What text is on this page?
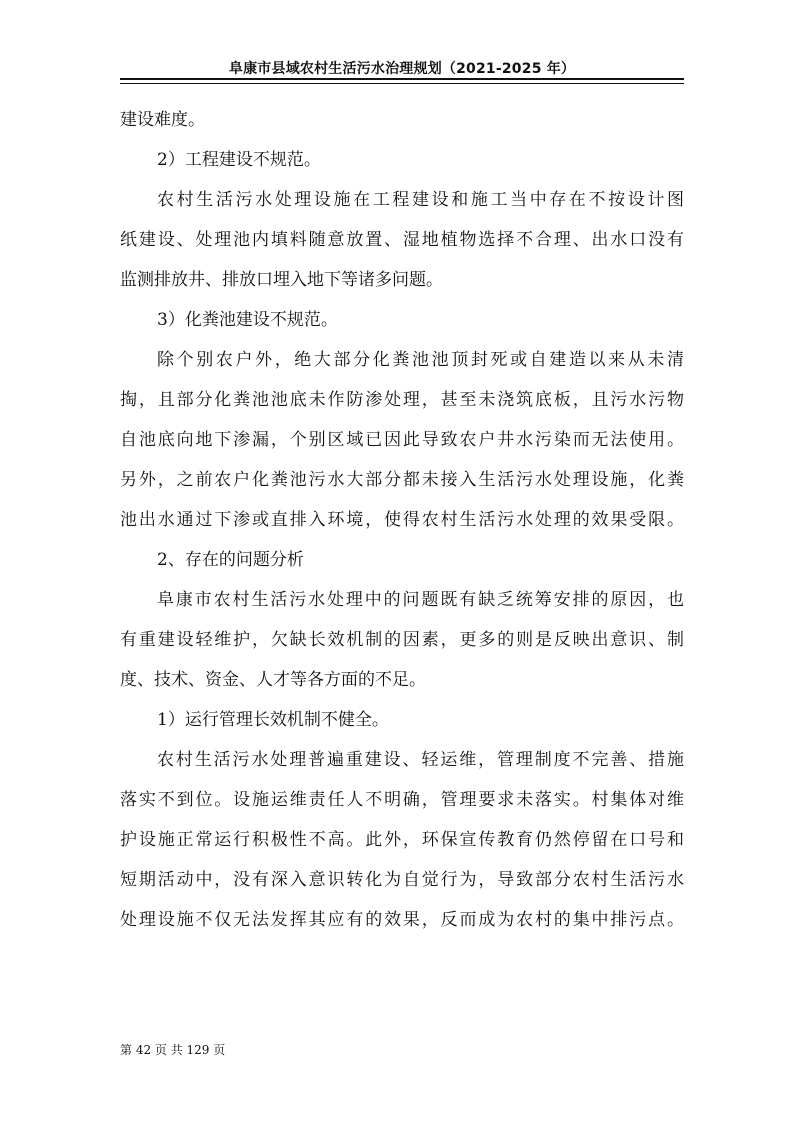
阜康市县域农村生活污水治理规划（2021-2025 年）
建设难度。
2）工程建设不规范。
农村生活污水处理设施在工程建设和施工当中存在不按设计图
纸建设、处理池内填料随意放置、湿地植物选择不合理、出水口没有
监测排放井、排放口埋入地下等诸多问题。
3）化粪池建设不规范。
除个别农户外，绝大部分化粪池池顶封死或自建造以来从未清
掏，且部分化粪池池底未作防渗处理，甚至未浇筑底板，且污水污物
自池底向地下渗漏，个别区域已因此导致农户井水污染而无法使用。
另外，之前农户化粪池污水大部分都未接入生活污水处理设施，化粪
池出水通过下渗或直排入环境，使得农村生活污水处理的效果受限。
2、存在的问题分析
阜康市农村生活污水处理中的问题既有缺乏统筹安排的原因，也
有重建设轻维护，欠缺长效机制的因素，更多的则是反映出意识、制
度、技术、资金、人才等各方面的不足。
1）运行管理长效机制不健全。
农村生活污水处理普遍重建设、轻运维，管理制度不完善、措施
落实不到位。设施运维责任人不明确，管理要求未落实。村集体对维
护设施正常运行积极性不高。此外，环保宣传教育仍然停留在口号和
短期活动中，没有深入意识转化为自觉行为，导致部分农村生活污水
处理设施不仅无法发挥其应有的效果，反而成为农村的集中排污点。
第 42 页 共 129 页
